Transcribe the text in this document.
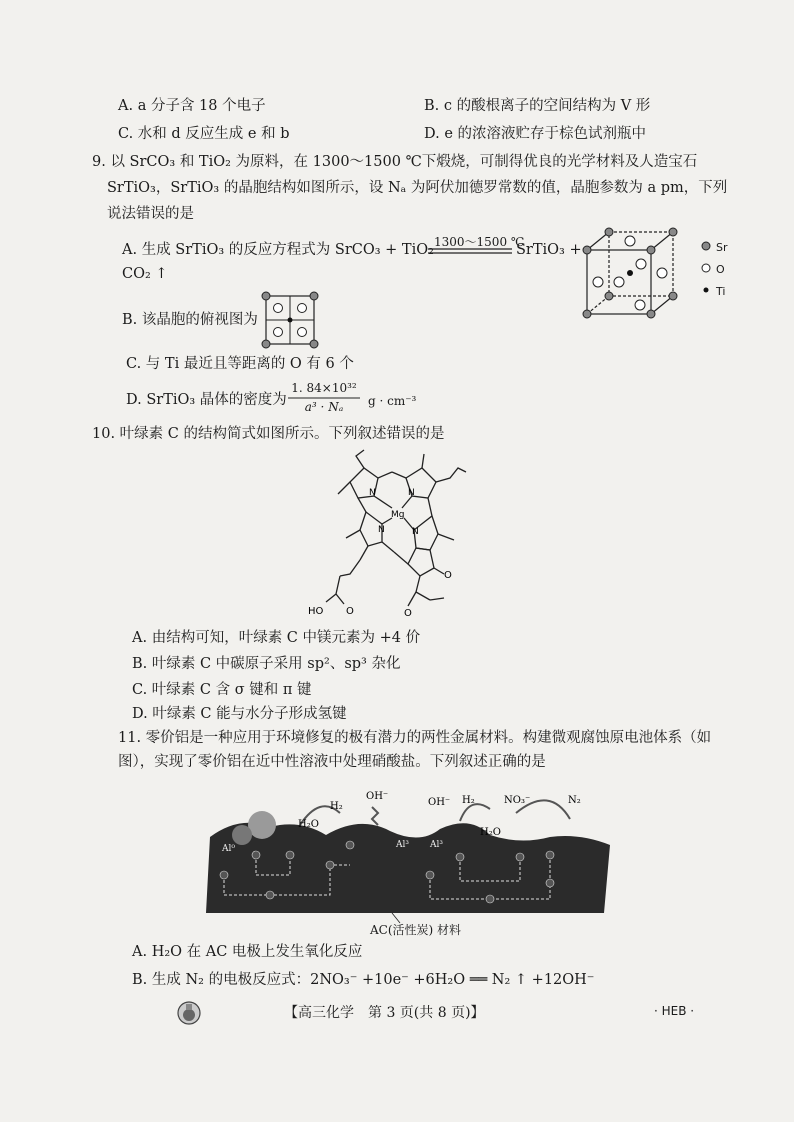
A. a 分子含 18 个电子	B. c 的酸根离子的空间结构为 V 形
C. 水和 d 反应生成 e 和 b	D. e 的浓溶液贮存于棕色试剂瓶中
9. 以 SrCO₃ 和 TiO₂ 为原料，在 1300～1500 ℃下煅烧，可制得优良的光学材料及人造宝石
SrTiO₃，SrTiO₃ 的晶胞结构如图所示，设 Nₐ 为阿伏加德罗常数的值，晶胞参数为 a pm，下列
说法错误的是
A. 生成 SrTiO₃ 的反应方程式为 SrCO₃ + TiO₂ 1300～1500 ℃
SrTiO₃ +
CO₂ ↑
Sr
O
Ti
B. 该晶胞的俯视图为
C. 与 Ti 最近且等距离的 O 有 6 个
D. SrTiO₃ 晶体的密度为
1. 84×10³²
a³ · Nₐ	g · cm⁻³
10. 叶绿素 C 的结构简式如图所示。下列叙述错误的是
Mg
N	N
N	N
O
O
O
HO
A. 由结构可知，叶绿素 C 中镁元素为 +4 价
B. 叶绿素 C 中碳原子采用 sp²、sp³ 杂化
C. 叶绿素 C 含 σ 键和 π 键
D. 叶绿素 C 能与水分子形成氢键
11. 零价铝是一种应用于环境修复的极有潜力的两性金属材料。构建微观腐蚀原电池体系（如
图），实现了零价铝在近中性溶液中处理硝酸盐。下列叙述正确的是
H₂
OH⁻
H₂O
OH⁻ H₂	NO₃⁻	N₂
H₂O
Al⁰	Al³ Al³
AC(活性炭) 材料
A. H₂O 在 AC 电极上发生氧化反应
B. 生成 N₂ 的电极反应式：2NO₃⁻ +10e⁻ +6H₂O ══ N₂ ↑ +12OH⁻
【高三化学　第 3 页(共 8 页)】	· HEB ·
